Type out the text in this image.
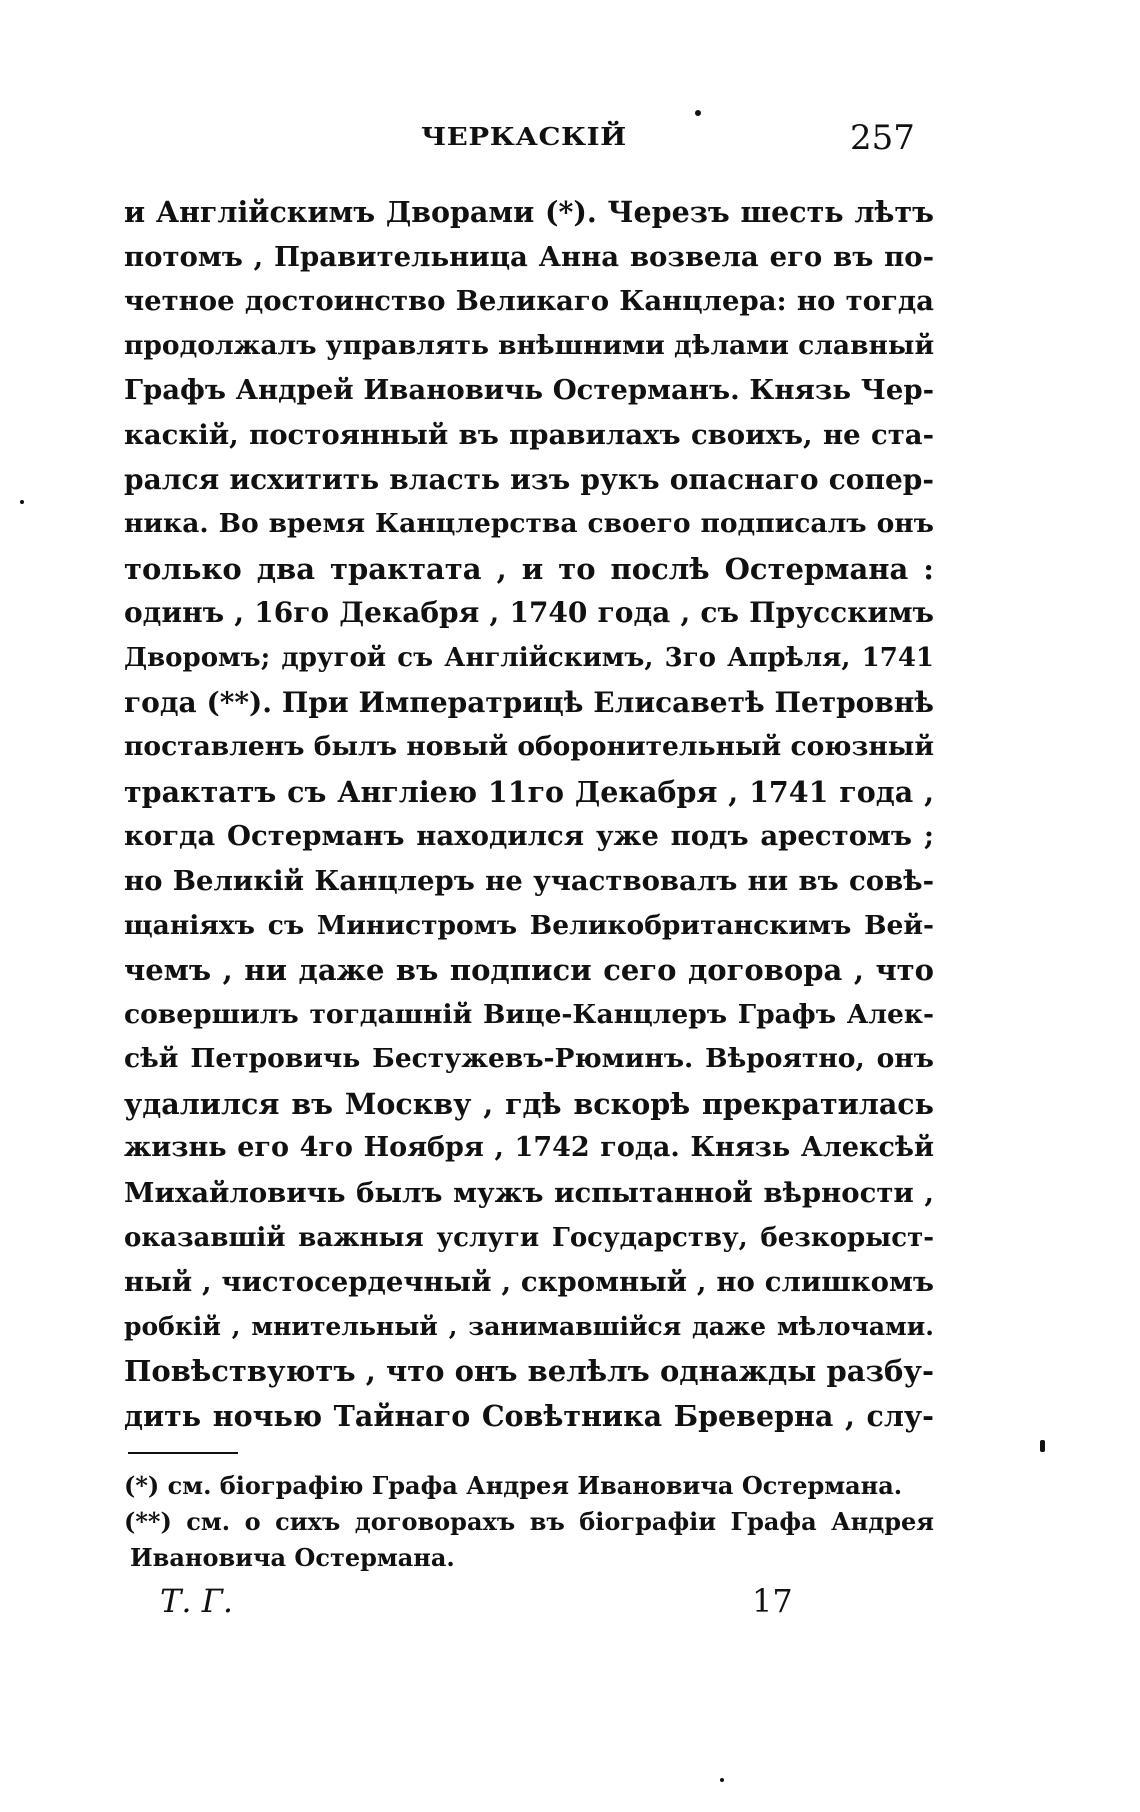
ЧЕРКАСКІЙ	257
и Англійскимъ Дворами (*). Черезъ шесть лѣтъ
потомъ , Правительница Анна возвела его въ по-
четное достоинство Великаго Канцлера: но тогда
продолжалъ управлять внѣшними дѣлами славный
Графъ Андрей Ивановичь Остерманъ. Князь Чер-
каскій, постоянный въ правилахъ своихъ, не ста-
рался исхитить власть изъ рукъ опаснаго сопер-
ника. Во время Канцлерства своего подписалъ онъ
только два трактата , и то послѣ Остермана :
одинъ , 16го Декабря , 1740 года , съ Прусскимъ
Дворомъ; другой съ Англійскимъ, 3го Апрѣля, 1741
года (**). При Императрицѣ Елисаветѣ Петровнѣ
поставленъ былъ новый оборонительный союзный
трактатъ съ Англіею 11го Декабря , 1741 года ,
когда Остерманъ находился уже подъ арестомъ ;
но Великій Канцлеръ не участвовалъ ни въ совѣ-
щаніяхъ съ Министромъ Великобританскимъ Вей-
чемъ , ни даже въ подписи сего договора , что
совершилъ тогдашній Вице-Канцлеръ Графъ Алек-
сѣй Петровичь Бестужевъ-Рюминъ. Вѣроятно, онъ
удалился въ Москву , гдѣ вскорѣ прекратилась
жизнь его 4го Ноября , 1742 года. Князь Алексѣй
Михайловичь былъ мужъ испытанной вѣрности ,
оказавшій важныя услуги Государству, безкорыст-
ный , чистосердечный , скромный , но слишкомъ
робкій , мнительный , занимавшійся даже мѣлочами.
Повѣствуютъ , что онъ велѣлъ однажды разбу-
дить ночью Тайнаго Совѣтника Бреверна , слу-
(*) см. біографію Графа Андрея Ивановича Остермана.
(**) см. о сихъ договорахъ въ біографіи Графа Андрея
Ивановича Остермана.
Т. Г.	17
